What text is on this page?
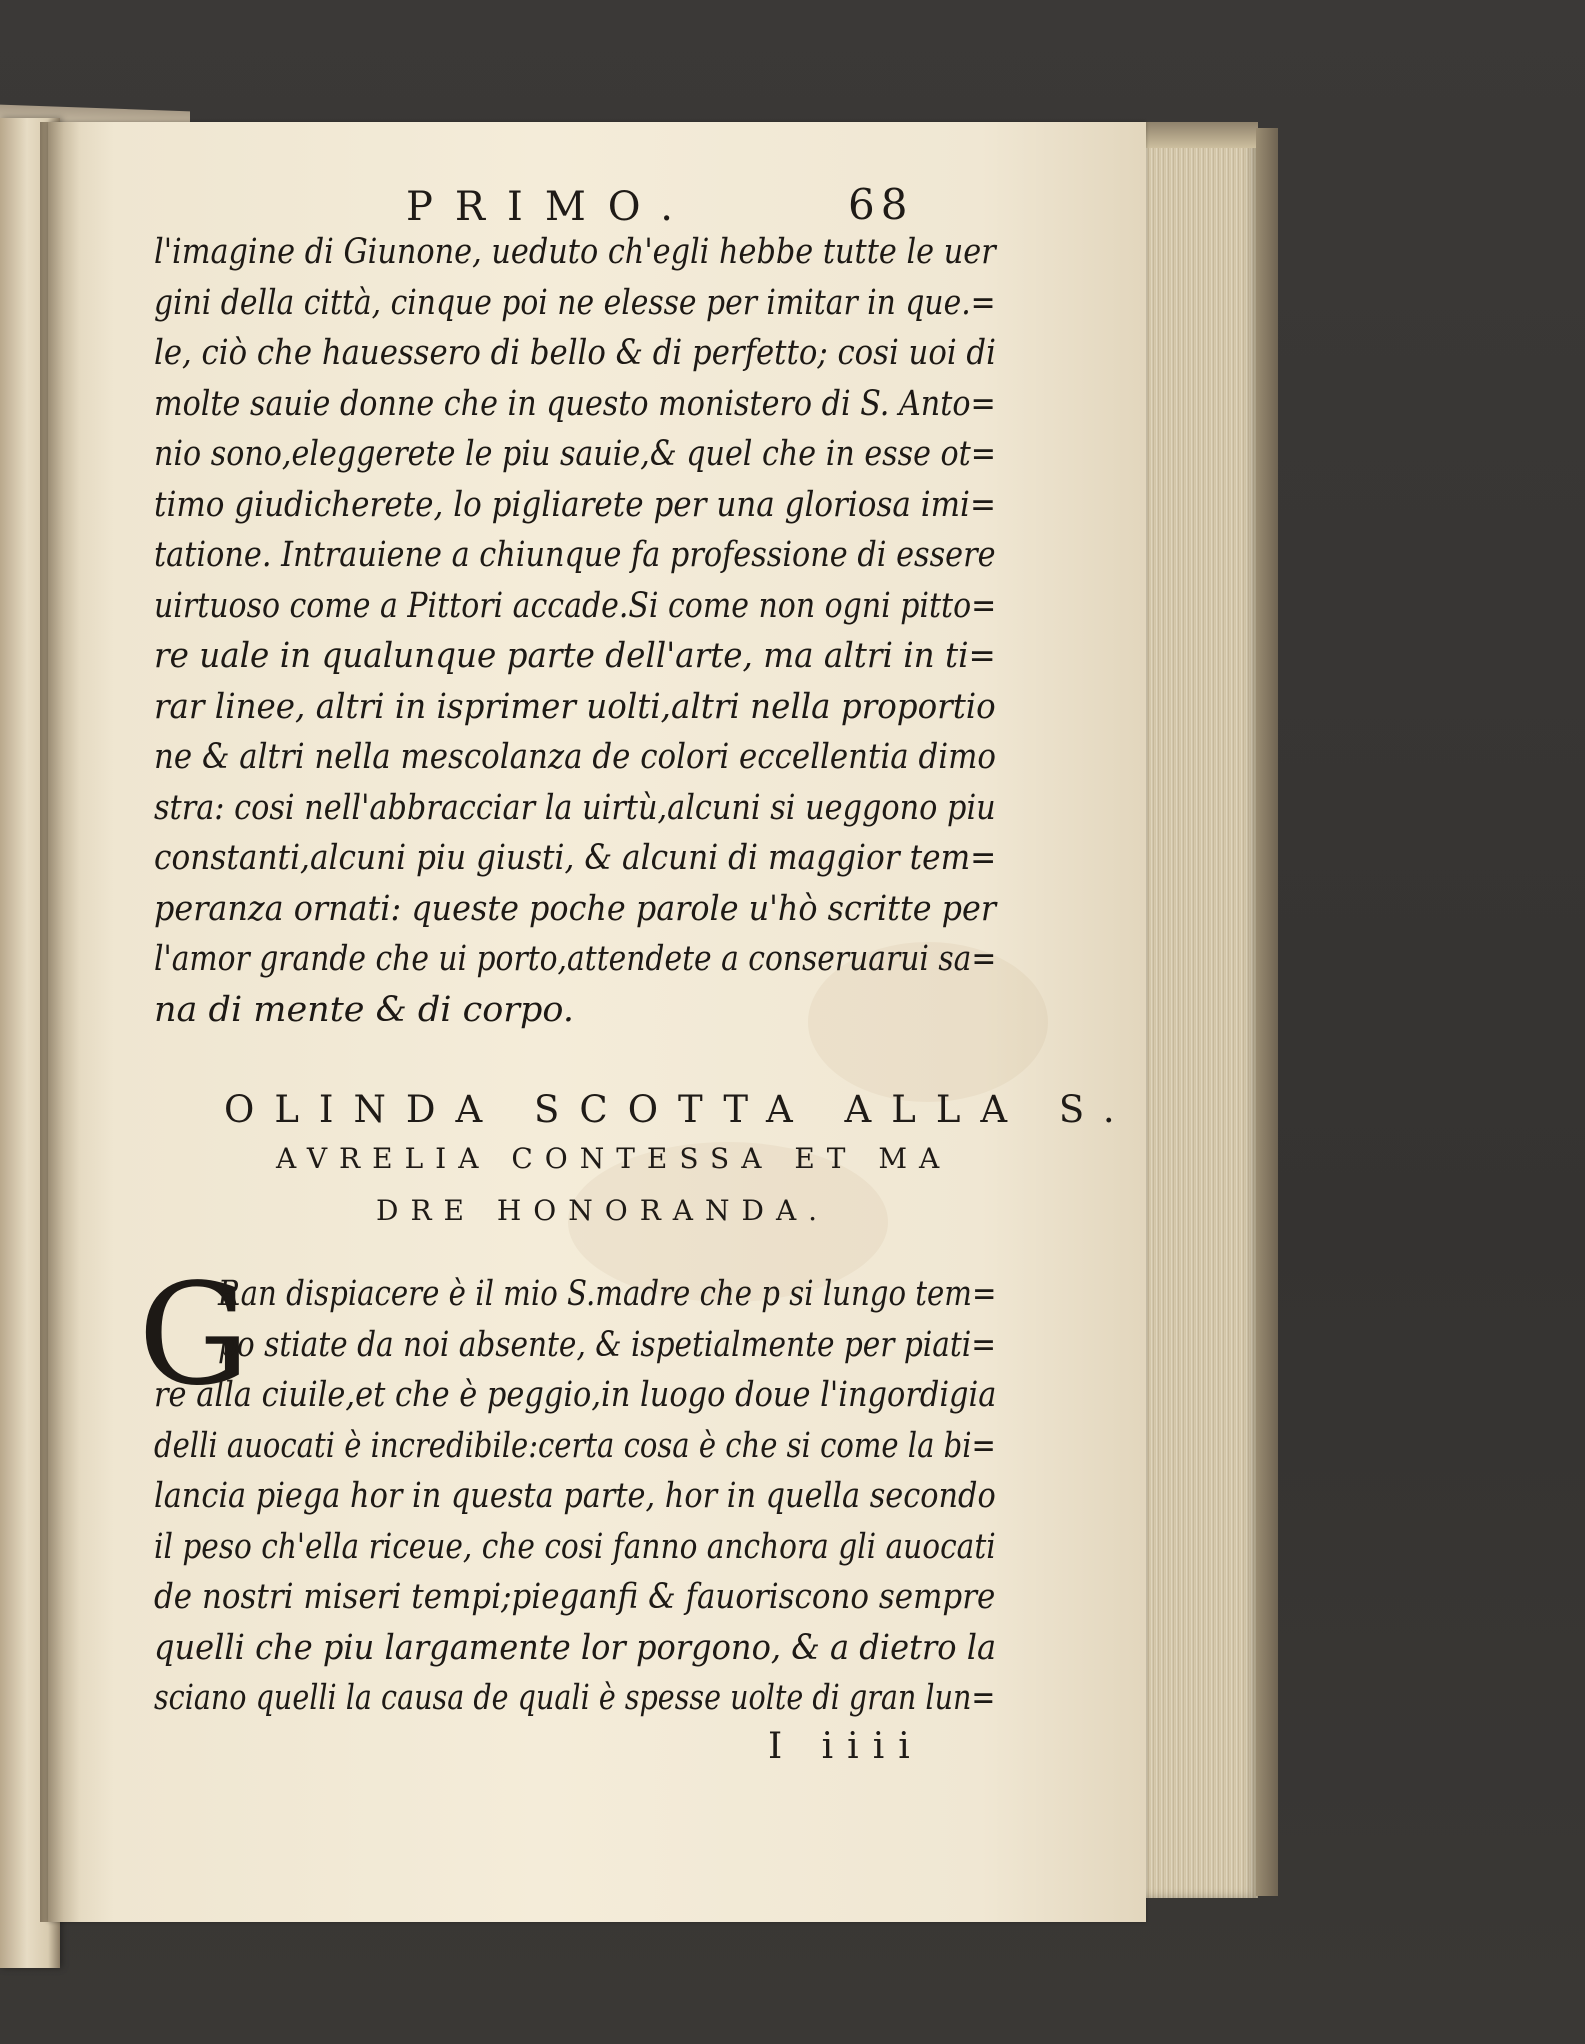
PRIMO.	68
l'imagine di Giunone, ueduto ch'egli hebbe tutte le uer
gini della città, cinque poi ne elesse per imitar in que.=
le, ciò che hauessero di bello & di perfetto; cosi uoi di
molte sauie donne che in questo monistero di S. Anto=
nio sono,eleggerete le piu sauie,& quel che in esse ot=
timo giudicherete, lo pigliarete per una gloriosa imi=
tatione. Intrauiene a chiunque fa professione di essere
uirtuoso come a Pittori accade.Si come non ogni pitto=
re uale in qualunque parte dell'arte, ma altri in ti=
rar linee, altri in isprimer uolti,altri nella proportio
ne & altri nella mescolanza de colori eccellentia dimo
stra: cosi nell'abbracciar la uirtù,alcuni si ueggono piu
constanti,alcuni piu giusti, & alcuni di maggior tem=
peranza ornati: queste poche parole u'hò scritte per
l'amor grande che ui porto,attendete a conseruarui sa=
na di mente & di corpo.
OLINDA SCOTTA ALLA S.
AVRELIA CONTESSA ET MA
DRE HONORANDA.
G
Ran dispiacere è il mio S.madre che p si lungo tem=
po stiate da noi absente, & ispetialmente per piati=
re alla ciuile,et che è peggio,in luogo doue l'ingordigia
delli auocati è incredibile:certa cosa è che si come la bi=
lancia piega hor in questa parte, hor in quella secondo
il peso ch'ella riceue, che cosi fanno anchora gli auocati
de nostri miseri tempi;pieganfi & fauoriscono sempre
quelli che piu largamente lor porgono, & a dietro la
sciano quelli la causa de quali è spesse uolte di gran lun=
I iiii
